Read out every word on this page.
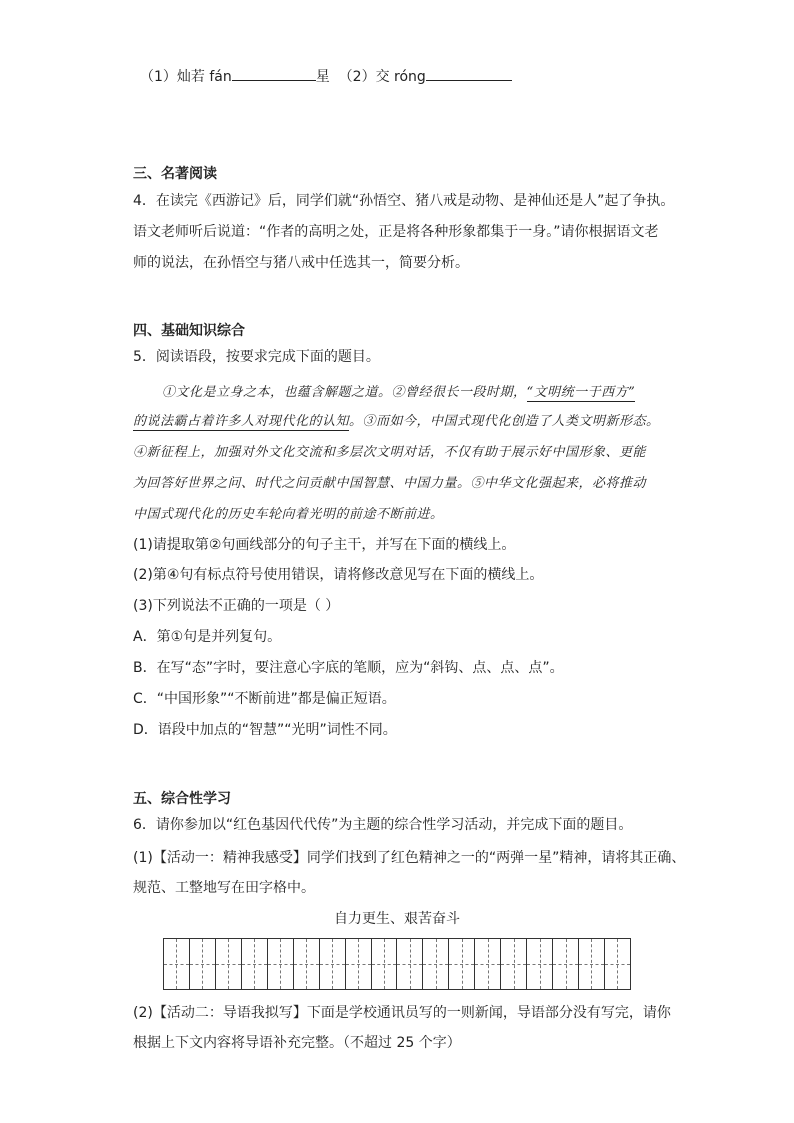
（1）灿若 fán	星 （2）交 róng
三、名著阅读
4．在读完《西游记》后，同学们就“孙悟空、猪八戒是动物、是神仙还是人”起了争执。
语文老师听后说道：“作者的高明之处，正是将各种形象都集于一身。”请你根据语文老
师的说法，在孙悟空与猪八戒中任选其一，简要分析。
四、基础知识综合
5．阅读语段，按要求完成下面的题目。
①文化是立身之本，也蕴含解题之道。②曾经很长一段时期，“文明统一于西方”
的说法霸占着许多人对现代化的认知。③而如今，中国式现代化创造了人类文明新形态。
④新征程上，加强对外文化交流和多层次文明对话，不仅有助于展示好中国形象、更能
为回答好世界之问、时代之问贡献中国智慧、中国力量。⑤中华文化强起来，必将推动
中国式现代化的历史车轮向着光明的前途不断前进。
(1)请提取第②句画线部分的句子主干，并写在下面的横线上。
(2)第④句有标点符号使用错误，请将修改意见写在下面的横线上。
(3)下列说法不正确的一项是（ ）
A．第①句是并列复句。
B．在写“态”字时，要注意心字底的笔顺，应为“斜钩、点、点、点”。
C．“中国形象”“不断前进”都是偏正短语。
D．语段中加点的“智慧”“光明”词性不同。
五、综合性学习
6．请你参加以“红色基因代代传”为主题的综合性学习活动，并完成下面的题目。
(1)【活动一：精神我感受】同学们找到了红色精神之一的“两弹一星”精神，请将其正确、
规范、工整地写在田字格中。
自力更生、艰苦奋斗
(2)【活动二：导语我拟写】下面是学校通讯员写的一则新闻，导语部分没有写完，请你
根据上下文内容将导语补充完整。（不超过 25 个字）
